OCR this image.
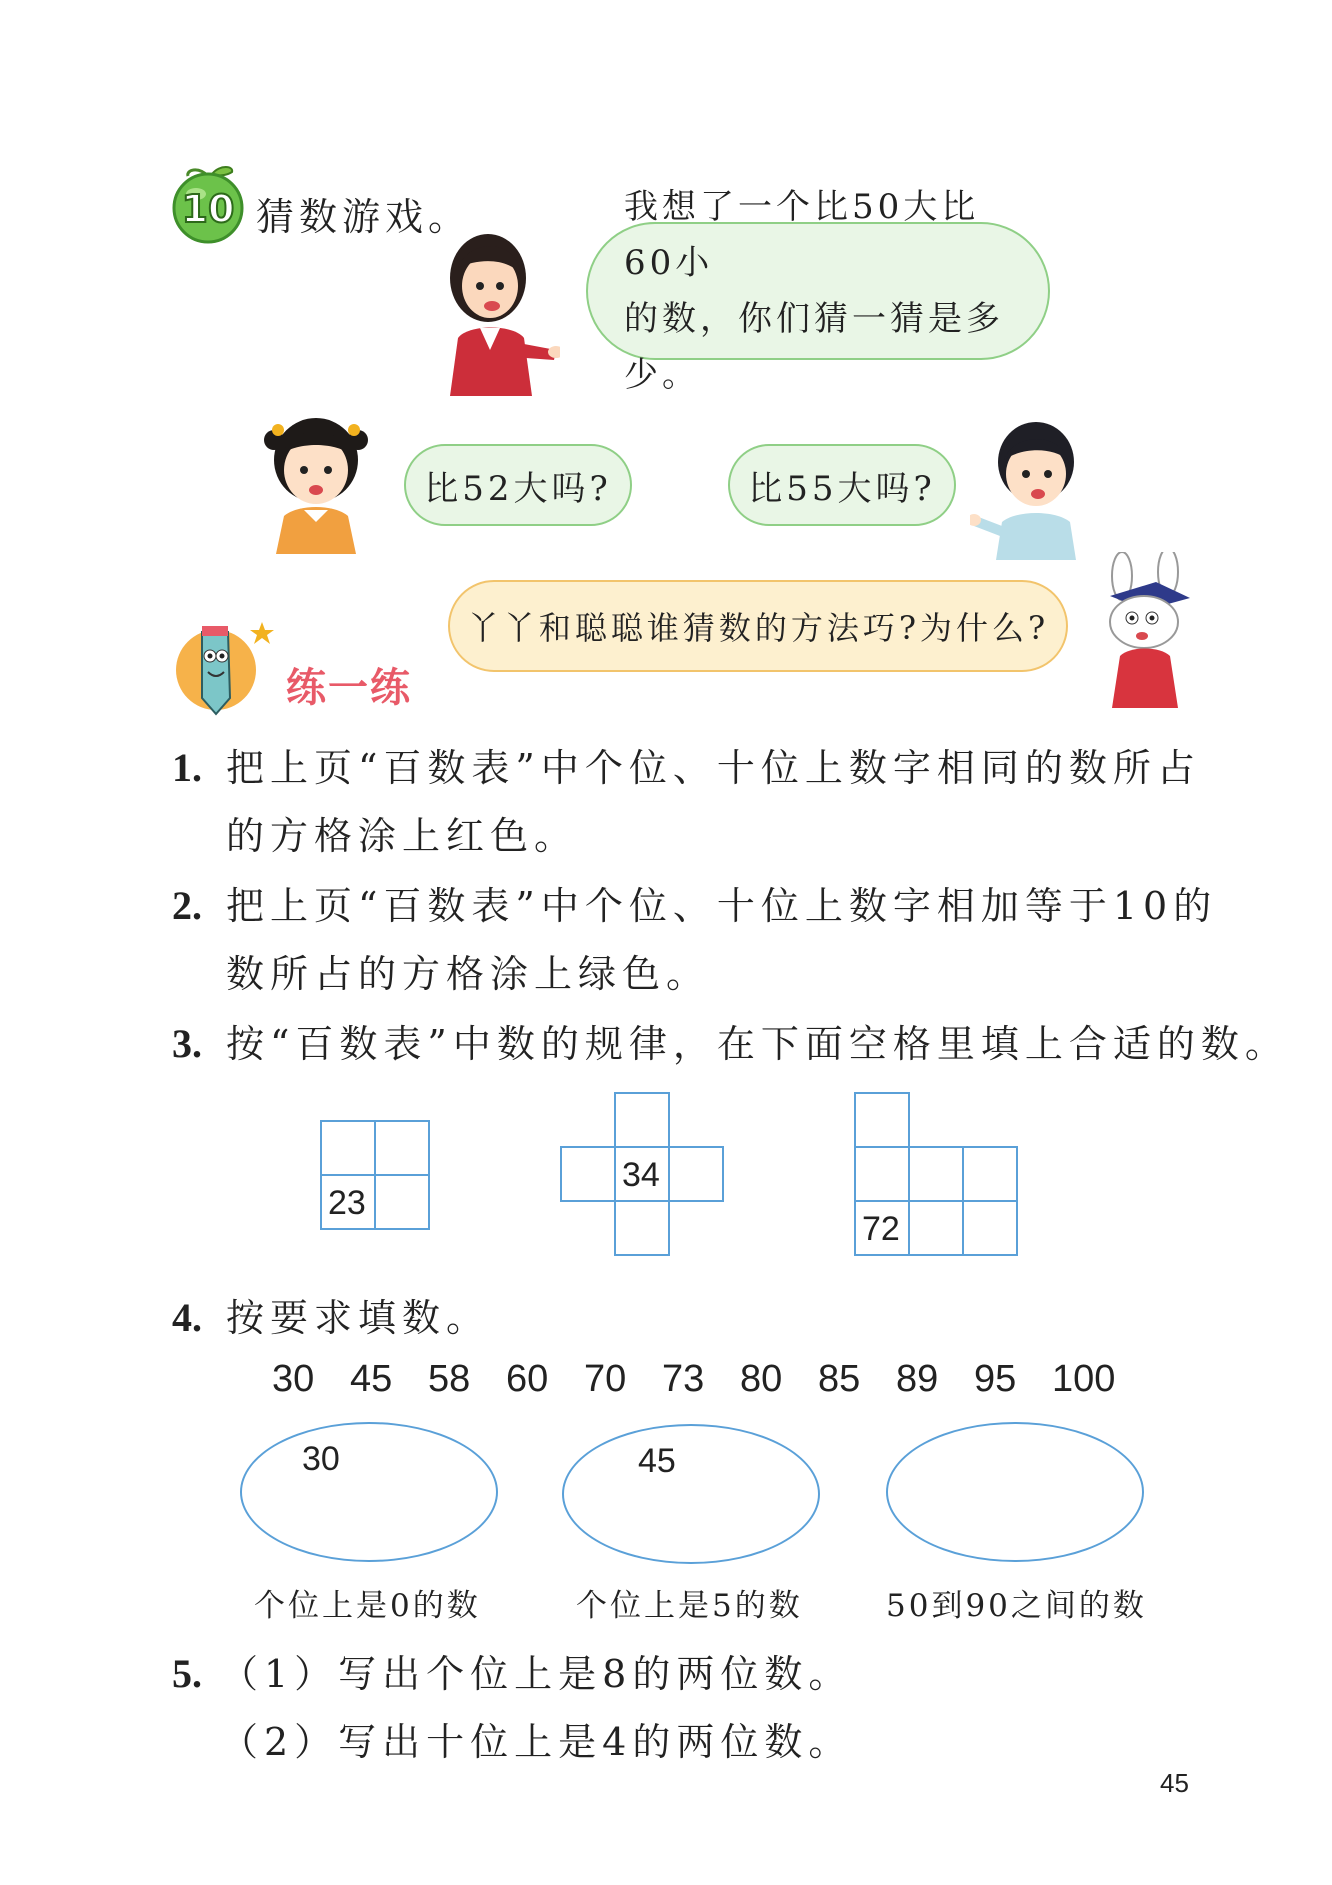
10 猜数游戏。	我想了一个比50大比60小
的数，你们猜一猜是多少。
比52大吗?	比55大吗?
练一练
丫丫和聪聪谁猜数的方法巧?为什么?
1. 把上页“百数表”中个位、十位上数字相同的数所占
的方格涂上红色。
2. 把上页“百数表”中个位、十位上数字相加等于10的
数所占的方格涂上绿色。
3. 按“百数表”中数的规律，在下面空格里填上合适的数。
23
34
72
4. 按要求填数。
30 45 58 60 70 73 80 85 89 95 100
30
个位上是0的数
45
个位上是5的数	50到90之间的数
5. （1）写出个位上是8的两位数。
（2）写出十位上是4的两位数。
45
